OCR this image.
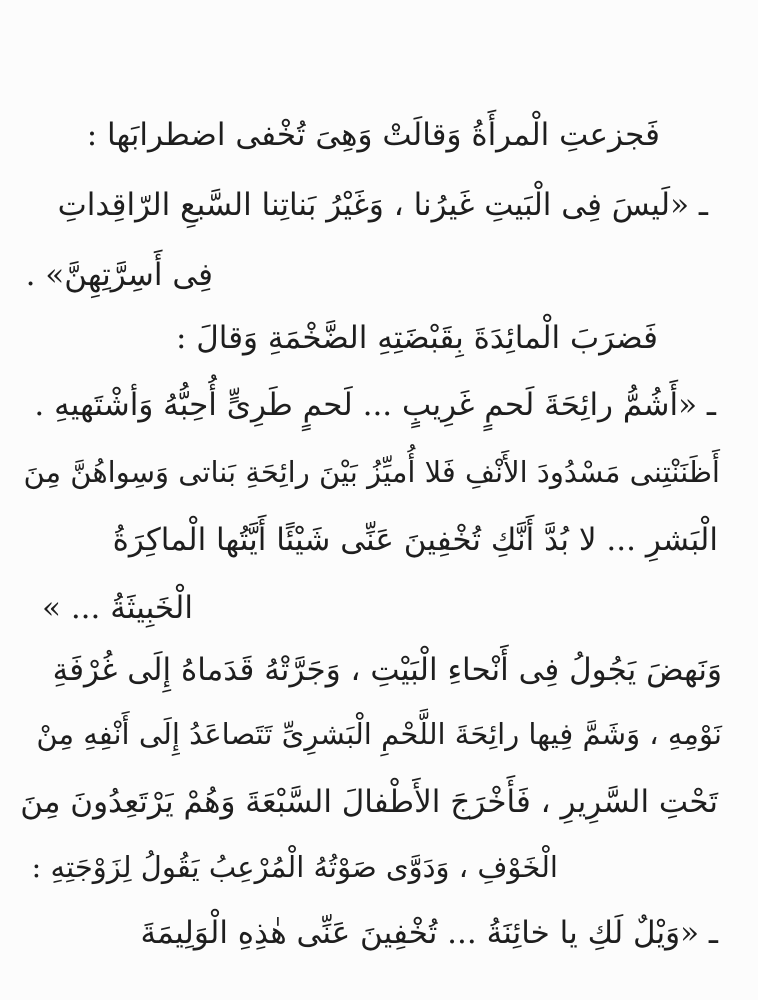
فَجزعتِ الْمرأَةُ وَقالَتْ وَهِىَ تُخْفى اضطرابَها :
ـ «لَيسَ فِى الْبَيتِ غَيرُنا ، وَغَيْرُ بَناتِنا السَّبعِ الرّاقِداتِ
فِى أَسِرَّتِهِنَّ» .
فَضرَبَ الْمائِدَةَ بِقَبْضَتِهِ الضَّخْمَةِ وَقالَ :
ـ «أَشُمُّ رائِحَةَ لَحمٍ غَرِيبٍ ... لَحمٍ طَرِىٍّ أُحِبُّهُ وَأشْتَهيهِ .
أَظَنَنْتِنى مَسْدُودَ الأَنْفِ فَلا أُميِّزُ بَيْنَ رائِحَةِ بَناتى وَسِواهُنَّ مِنَ
الْبَشرِ ... لا بُدَّ أَنَّكِ تُخْفِينَ عَنِّى شَيْئًا أَيَّتُها الْماكِرَةُ
الْخَبِيثَةُ ... »
وَنَهضَ يَجُولُ فِى أَنْحاءِ الْبَيْتِ ، وَجَرَّتْهُ قَدَماهُ إِلَى غُرْفَةِ
نَوْمِهِ ، وَشَمَّ فِيها رائِحَةَ اللَّحْمِ الْبَشرِىِّ تَتَصاعَدُ إِلَى أَنْفِهِ مِنْ
تَحْتِ السَّرِيرِ ، فَأَخْرَجَ الأَطْفالَ السَّبْعَةَ وَهُمْ يَرْتَعِدُونَ مِنَ
الْخَوْفِ ، وَدَوَّى صَوْتُهُ الْمُرْعِبُ يَقُولُ لِزَوْجَتِهِ :
ـ «وَيْلٌ لَكِ يا خائِنَةُ ... تُخْفِينَ عَنِّى هٰذِهِ الْوَلِيمَةَ
